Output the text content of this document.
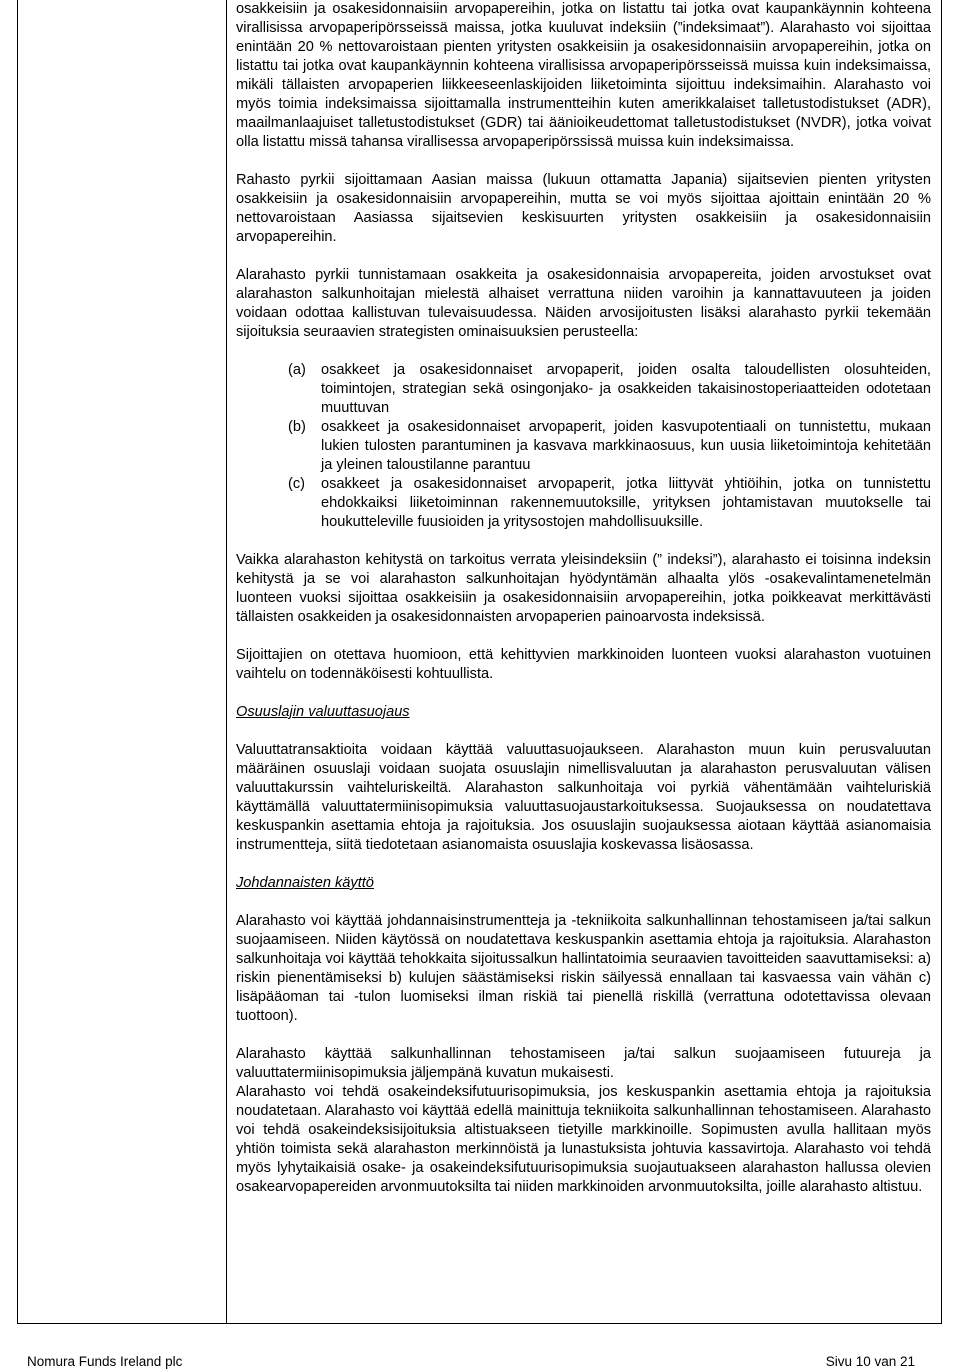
osakkeisiin ja osakesidonnaisiin arvopapereihin, jotka on listattu tai jotka ovat kaupankäynnin kohteena virallisissa arvopaperipörsseissä maissa, jotka kuuluvat indeksiin (”indeksimaat”). Alarahasto voi sijoittaa enintään 20 % nettovaroistaan pienten yritysten osakkeisiin ja osakesidonnaisiin arvopapereihin, jotka on listattu tai jotka ovat kaupankäynnin kohteena virallisissa arvopaperipörsseissä muissa kuin indeksimaissa, mikäli tällaisten arvopaperien liikkeeseenlaskijoiden liiketoiminta sijoittuu indeksimaihin. Alarahasto voi myös toimia indeksimaissa sijoittamalla instrumentteihin kuten amerikkalaiset talletustodistukset (ADR), maailmanlaajuiset talletustodistukset (GDR) tai äänioikeudettomat talletustodistukset (NVDR), jotka voivat olla listattu missä tahansa virallisessa arvopaperipörssissä muissa kuin indeksimaissa.

Rahasto pyrkii sijoittamaan Aasian maissa (lukuun ottamatta Japania) sijaitsevien pienten yritysten osakkeisiin ja osakesidonnaisiin arvopapereihin, mutta se voi myös sijoittaa ajoittain enintään 20 % nettovaroistaan Aasiassa sijaitsevien keskisuurten yritysten osakkeisiin ja osakesidonnaisiin arvopapereihin.

Alarahasto pyrkii tunnistamaan osakkeita ja osakesidonnaisia arvopapereita, joiden arvostukset ovat alarahaston salkunhoitajan mielestä alhaiset verrattuna niiden varoihin ja kannattavuuteen ja joiden voidaan odottaa kallistuvan tulevaisuudessa. Näiden arvosijoitusten lisäksi alarahasto pyrkii tekemään sijoituksia seuraavien strategisten ominaisuuksien perusteella:

(a)	osakkeet ja osakesidonnaiset arvopaperit, joiden osalta taloudellisten olosuhteiden, toimintojen, strategian sekä osingonjako- ja osakkeiden takaisinostoperiaatteiden odotetaan muuttuvan
(b)	osakkeet ja osakesidonnaiset arvopaperit, joiden kasvupotentiaali on tunnistettu, mukaan lukien tulosten parantuminen ja kasvava markkinaosuus, kun uusia liiketoimintoja kehitetään ja yleinen taloustilanne parantuu
(c)	osakkeet ja osakesidonnaiset arvopaperit, jotka liittyvät yhtiöihin, jotka on tunnistettu ehdokkaiksi liiketoiminnan rakennemuutoksille, yrityksen johtamistavan muutokselle tai houkutteleville fuusioiden ja yritysostojen mahdollisuuksille.

Vaikka alarahaston kehitystä on tarkoitus verrata yleisindeksiin (” indeksi”), alarahasto ei toisinna indeksin kehitystä ja se voi alarahaston salkunhoitajan hyödyntämän alhaalta ylös -osakevalintamenetelmän luonteen vuoksi sijoittaa osakkeisiin ja osakesidonnaisiin arvopapereihin, jotka poikkeavat merkittävästi tällaisten osakkeiden ja osakesidonnaisten arvopaperien painoarvosta indeksissä.

Sijoittajien on otettava huomioon, että kehittyvien markkinoiden luonteen vuoksi alarahaston vuotuinen vaihtelu on todennäköisesti kohtuullista.

Osuuslajin valuuttasuojaus

Valuuttatransaktioita voidaan käyttää valuuttasuojaukseen. Alarahaston muun kuin perusvaluutan määräinen osuuslaji voidaan suojata osuuslajin nimellisvaluutan ja alarahaston perusvaluutan välisen valuuttakurssin vaihteluriskeiltä. Alarahaston salkunhoitaja voi pyrkiä vähentämään vaihteluriskiä käyttämällä valuuttatermiinisopimuksia valuuttasuojaustarkoituksessa. Suojauksessa on noudatettava keskuspankin asettamia ehtoja ja rajoituksia. Jos osuuslajin suojauksessa aiotaan käyttää asianomaisia instrumentteja, siitä tiedotetaan asianomaista osuuslajia koskevassa lisäosassa.

Johdannaisten käyttö

Alarahasto voi käyttää johdannaisinstrumentteja ja -tekniikoita salkunhallinnan tehostamiseen ja/tai salkun suojaamiseen. Niiden käytössä on noudatettava keskuspankin asettamia ehtoja ja rajoituksia. Alarahaston salkunhoitaja voi käyttää tehokkaita sijoitussalkun hallintatoimia seuraavien tavoitteiden saavuttamiseksi: a) riskin pienentämiseksi b) kulujen säästämiseksi riskin säilyessä ennallaan tai kasvaessa vain vähän c) lisäpääoman tai -tulon luomiseksi ilman riskiä tai pienellä riskillä (verrattuna odotettavissa olevaan tuottoon).

Alarahasto käyttää salkunhallinnan tehostamiseen ja/tai salkun suojaamiseen futuureja ja valuuttatermiinisopimuksia jäljempänä kuvatun mukaisesti.

Alarahasto voi tehdä osakeindeksifutuurisopimuksia, jos keskuspankin asettamia ehtoja ja rajoituksia noudatetaan. Alarahasto voi käyttää edellä mainittuja tekniikoita salkunhallinnan tehostamiseen. Alarahasto voi tehdä osakeindeksisijoituksia altistuakseen tietyille markkinoille. Sopimusten avulla hallitaan myös yhtiön toimista sekä alarahaston merkinnöistä ja lunastuksista johtuvia kassavirtoja. Alarahasto voi tehdä myös lyhytaikaisiä osake- ja osakeindeksifutuurisopimuksia suojautuakseen alarahaston hallussa olevien osakearvopapereiden arvonmuutoksilta tai niiden markkinoiden arvonmuutoksilta, joille alarahasto altistuu.

Nomura Funds Ireland plc	Sivu 10 van 21
